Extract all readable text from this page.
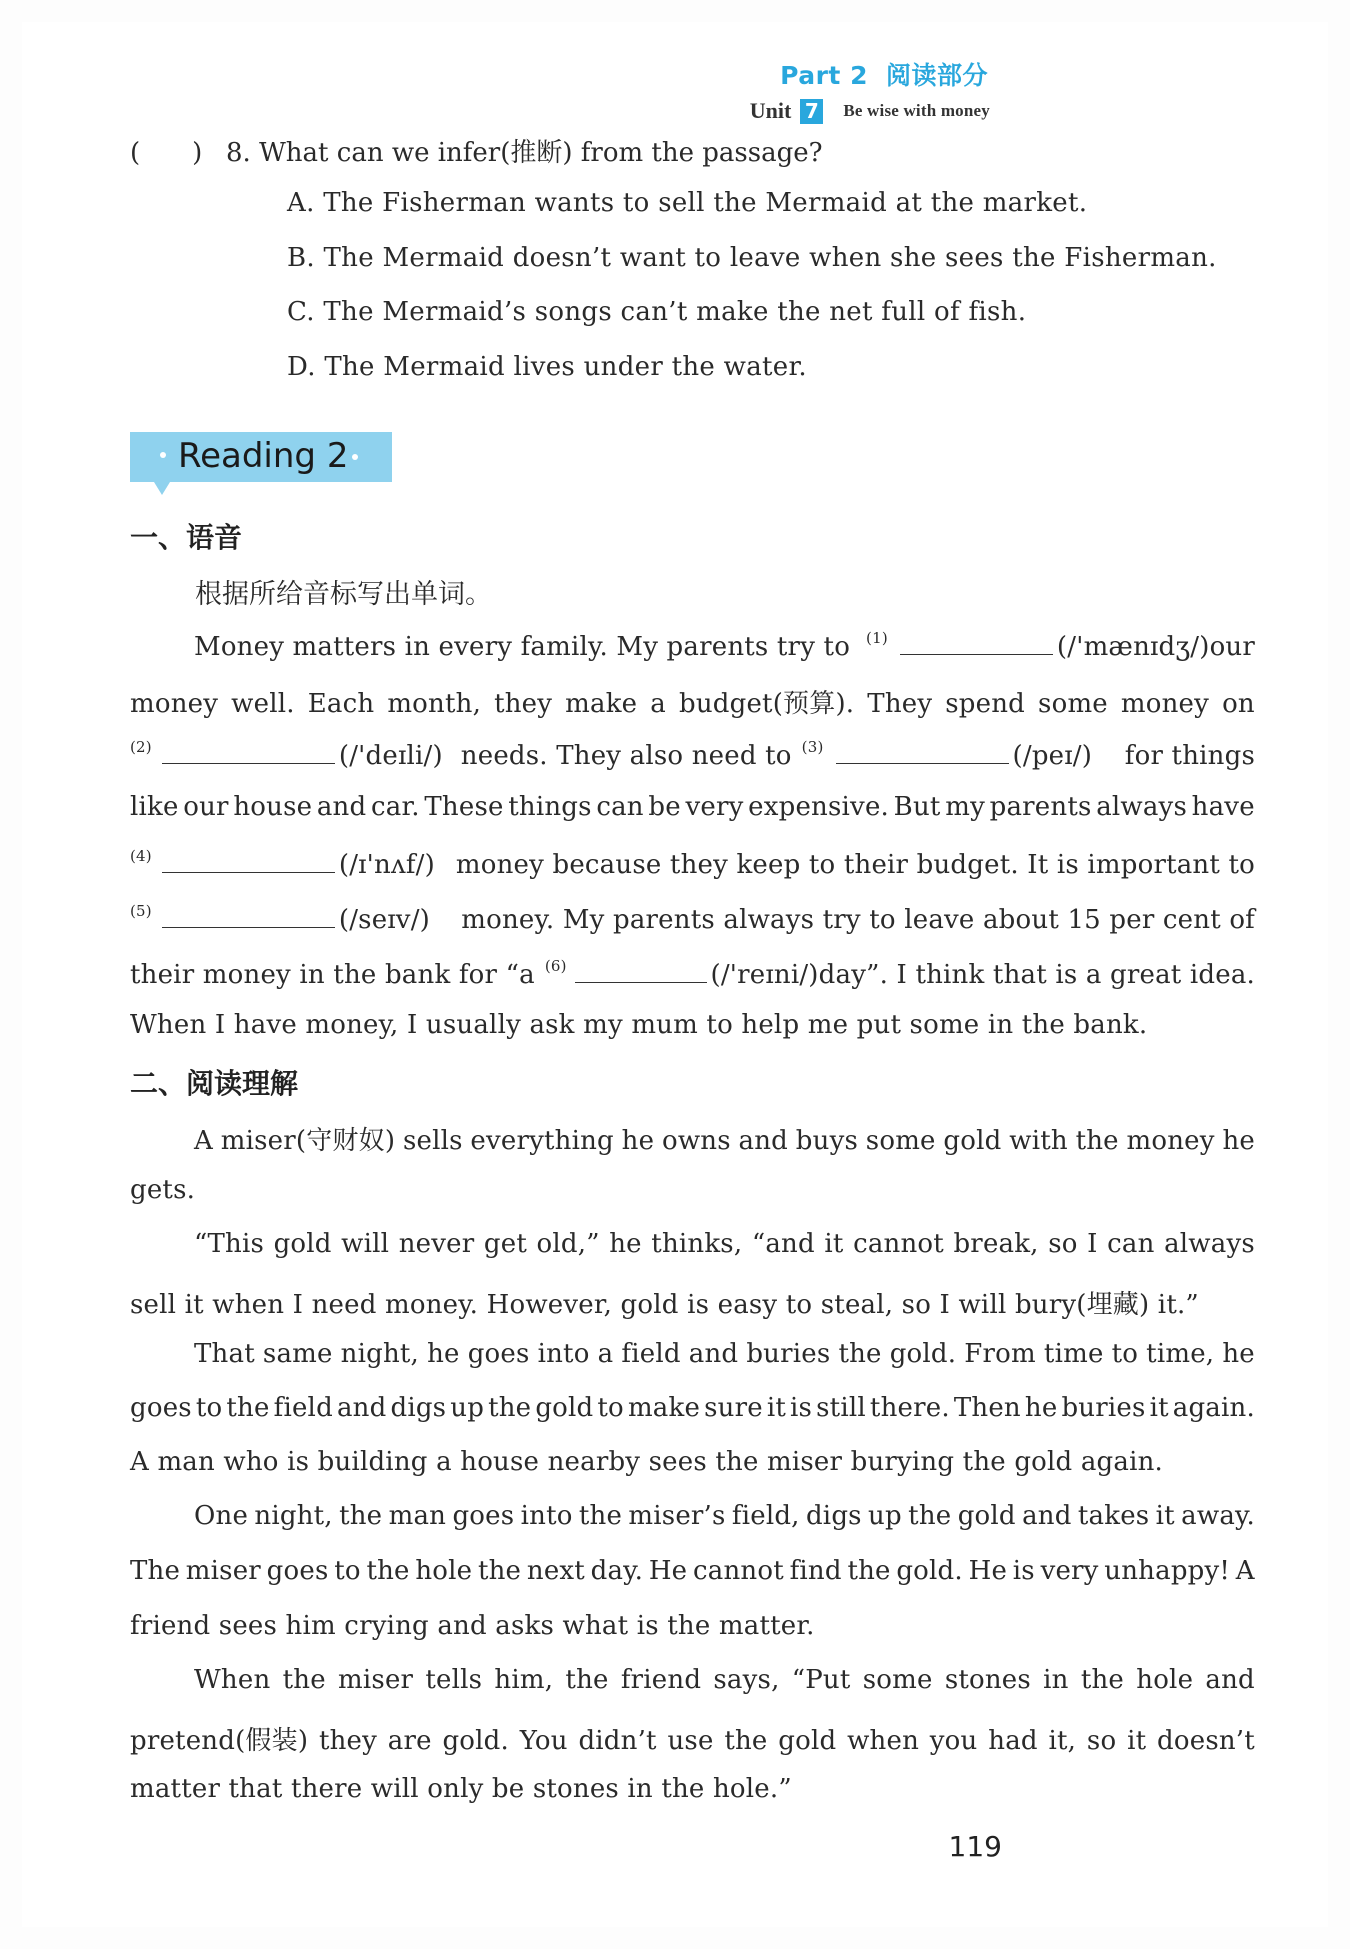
Part 2 阅读部分
Unit 7 Be wise with money
(　　) 8. What can we infer(推断) from the passage?
A. The Fisherman wants to sell the Mermaid at the market.
B. The Mermaid doesn’t want to leave when she sees the Fisherman.
C. The Mermaid’s songs can’t make the net full of fish.
D. The Mermaid lives under the water.
Reading 2
一、语音
根据所给音标写出单词。
Money matters in every family. My parents try to (1)	(/'mænɪdʒ/) our
money well. Each month, they make a budget(预算). They spend some money on
(2)	(/'deɪli/) needs. They also need to (3)	(/peɪ/) for things
like our house and car. These things can be very expensive. But my parents always have
(4)	(/ɪ'nʌf/) money because they keep to their budget. It is important to
(5)	(/seɪv/) money. My parents always try to leave about 15 per cent of
their money in the bank for “a (6)	(/'reɪni/) day”. I think that is a great idea.
When I have money, I usually ask my mum to help me put some in the bank.
二、阅读理解
A miser(守财奴) sells everything he owns and buys some gold with the money he
gets.
“This gold will never get old,” he thinks, “and it cannot break, so I can always
sell it when I need money. However, gold is easy to steal, so I will bury(埋藏) it.”
That same night, he goes into a field and buries the gold. From time to time, he
goes to the field and digs up the gold to make sure it is still there. Then he buries it again.
A man who is building a house nearby sees the miser burying the gold again.
One night, the man goes into the miser’s field, digs up the gold and takes it away.
The miser goes to the hole the next day. He cannot find the gold. He is very unhappy! A
friend sees him crying and asks what is the matter.
When the miser tells him, the friend says, “Put some stones in the hole and
pretend(假装) they are gold. You didn’t use the gold when you had it, so it doesn’t
matter that there will only be stones in the hole.”
119
